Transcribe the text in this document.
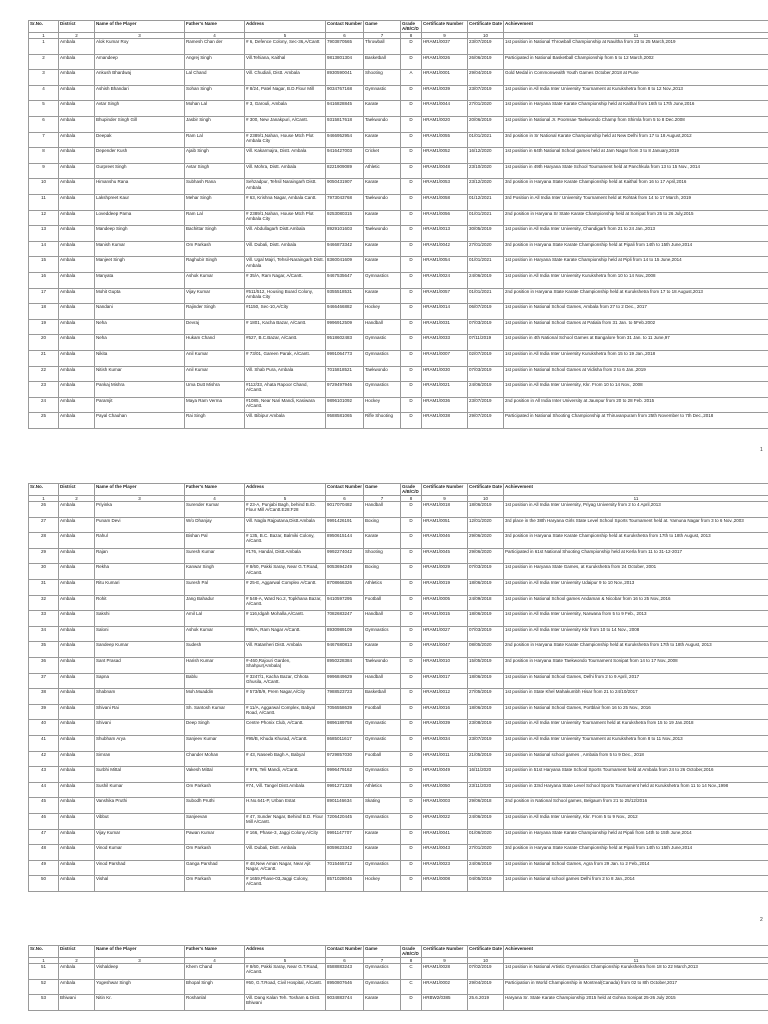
Sr.No.	District	Name of the Player	Father's Name	Address	Contact Number	Game	Grade A/B/C/D	Certificate Number	Certificate Date	Achievement
1	2	3	4	5	6	7	8	9	10	11
1	Ambala	Alok Kumar Roy	Ramesh Chan der	# 6, Defence Colony, Sec-36,A/Cantt	7903870565	Throwball	D	HRAM1/0037	23/07/2019	1st position in National Throwball Championship at Naultha from 23 to 25 March,2019
2	Ambala	Amandeep	Angrej Singh	Vill.Tehiana, Kaithal	9813801304	Basketball	D	HRAM1/0026	26/06/2019	Participated in National Basketball Championship from 5 to 12 March,2002
3	Ambala	Ankush Bhardwaj	Lal Chand	Vill. Chudiali, Distt. Ambala	8930590041	Shooting	A	HRAM1/0001	29/04/2019	Gold Medal in Commonwealth Youth Games October,2018 at Pune
4	Ambala	Ashish Bhandari	Sohan Singh	# 8/24, Patel Nagar, B.D.Flour Mill	9034767168	Gymnastic	D	HRAM1/0039	23/07/2019	1st position in All India Inter University Tournament at Kurukshetra from 8 to 12 Nov.,2013
5	Ambala	Avtar Singh	Mohan Lal	# 3, Garouli, Ambala	9416828845	Karate	D	HRAM1/0044	27/01/2020	1st position in Haryana State Karate Championship held at Kaithal from 16th to 17th June,2016
6	Ambala	Bhupinder Singh Gill	Jasbir Singh	# 300, New Janakpuri, A/Cantt.	9315817618	Taekwondo	D	HRAM1/0020	20/06/2019	1st position in National Jr. Poomsae Taekwondo Champ from Shimla from 5 to 8 Dec.2008
7	Ambala	Deepak	Ram Lal	# 2389/1,Nahan, House Mtch Plot Ambala City	9466952954	Karate	D	HRAM1/0055	01/01/2021	3rd position in Sr National Karate Championship held at New Delhi from 17 to 18 August,2012
8	Ambala	Depender Kush	Ajaib Singh	Vill. Kakarmajra, Distt. Ambala	9416427003	Cricket	D	HRAM1/0052	16/12/2020	1st position in 64th National School games held at Jam Nagar from 3 to 8 January,2019
9	Ambala	Gurpreet Singh	Avtar Singh	Vill. Mohra, Distt. Ambala	8221909089	Athletic	D	HRAM1/0048	23/10/2020	1st position in 49th Haryana State School Tournament held at Panchkula from 13 to 15 Nov., 2014
10	Ambala	Himanshu Rana	Subhash Rana	Sehzadpur, Tehsil Naraingarh Distt. Ambala	9050431907	Karate	D	HRAM1/0053	23/12/2020	3rd position in Haryana State Karate Championship held at Kaithal from 16 to 17 April,2016
11	Ambala	Lakshpreet Kaur	Mehar Singh	# 63, Krishna Nagar, Ambala Cantt.	7973043768	Taekwondo	D	HRAM1/0058	01/12/2021	3rd Position in All India Inter University Tournament held at Rohtak from 14 to 17 March, 2019
12	Ambala	Loveddeep Pama	Ram Lal	# 2389/1,Nahan, House Mtch Plot Ambala City	9253080315	Karate	D	HRAM1/0056	01/01/2021	2nd position in Haryana Sr State Karate Championship held at Sonipat from 25 to 26 July,2015
13	Ambala	Mandeep Singh	Bachittar Singh	Vill. Abdullagarh Distt.Ambala	8929101603	Taekwondo	D	HRAM1/0013	30/05/2019	1st position in All India Inter University, Chandigarh from 21 to 24 Jan.,2013
14	Ambala	Manish Kumar	Om Parkash	Vill. Dubali, Distt. Ambala	9466873342	Karate	D	HRAM1/0042	27/01/2020	3rd position in Haryana State Karate Championship held at Pipali from 14th to 15th June,2014
15	Ambala	Manjeet Singh	Raghubir Singh	Vill. Ugal Majri, Tehsil-Naraingarh Distt. Ambala	8360041609	Karate	D	HRAM1/0054	01/01/2021	1st position in Haryana State Karate Championship held at Pipli from 14 to 15 June,2014
16	Ambala	Manyata	Ashok Kumar	# 35/A, Ram Nagar, A/Cantt.	9467535647	Gymnastics	D	HRAM1/0024	24/06/2019	1st position in All India Inter University Kurukshetra from 10 to 14 Nov.,2008
17	Ambala	Mohit Gupta	Vijay Kumar	#511/512, Housing Board Colony, Ambala City	9355518531	Karate	D	HRAM1/0057	01/01/2021	2nd position in Haryana State Karate Championship held at Kurukshetra from 17 to 18 August,2013
18	Ambala	Nandani	Rajinder Singh	#1150, Sec-10,A/City	9466466882	Hockey	D	HRAM1/0014	06/07/2019	1st position in National School Games, Ambala from 27 to 2 Dec., 2017
19	Ambala	Neha	Devraj	# 1801, Kacha Bazar, A/Cantt.	9996912509	Handball	D	HRAM1/0031	07/03/2019	1st position in National School Games at Patiala from 31 Jan. to 5Feb.2002
20	Ambala	Neha	Hukam Chand	#527, B.C.Bazar, A/Cantt.	9518602483	Gymnastic	D	HRAM1/0033	07/11/2019	1st position in 4th National School Games at Bangalore from 31 Jan. to 11 June,97
21	Ambala	Nikita	Anil Kumar	# 73/01, Gareen Parak, A/Cantt.	9991064773	Gymnastics	D	HRAM1/0007	02/07/2019	1st position in All India Inter University Kurukshetra from 15 to 19 Jan.,2018
22	Ambala	Nitish Kumar	Anil Kumar	Vill. Shab Pura, Ambala	7015818521	Taekwondo	D	HRAM1/0030	07/03/2019	1st position in National School Games at Vidisha from 2 to 6 Jan.,2019
23	Ambala	Pankaj Mishra	Uma Dutt Mishra	#112/33, Ahata Rapoor Chand, A/Cantt.	9729497946	Gymnastics	D	HRAM1/0021	24/06/2019	1st position in All India Inter University, Kkr. From 10 to 14 Nov., 2008
24	Ambala	Paramjit	Maya Ram Verma	#1085, Near Nari Mandi, Kasiwara A/Cantt.	9896101092	Hockey	D	HRAM1/0036	23/07/2019	2nd position in All India Inter University at Jaunpur from 20 to 28 Feb. 2015
25	Ambala	Payal Chauhan	Rai Singh	Vill. Bibipur Ambala	9588581065	Rifle Shooting	D	HRAM1/0038	29/07/2019	Participated in National Shooting Championship at Thiruvanpuram from 25th November to 7th Dec.,2018
1
Sr.No.	District	Name of the Player	Father's Name	Address	Contact Number	Game	Grade A/B/C/D	Certificate Number	Certificate Date	Achievement
1	2	3	4	5	6	7	8	9	10	11
26	Ambala	Priyinka	Surender Kumar	# 23-A, Punjabi Bagh, behind B./D. Flour Mill A/Cantt.E28:F28	9017070482	Handball	D	HRAM1/0018	18/06/2019	1st position in All India Inter University, Priyag University from 2 to 4 April,2013
27	Ambala	Punam Devi	W/o Dhanjay	Vill. Nagla Rajputana,Distt.Ambala	9991426191	Boxing	D	HRAM1/0051	12/01/2020	3rd place in the 38th Haryana Girls State Level School Sports Tournament held at. Yamuna Nagar from 3 to 6 Nov.,2003
28	Ambala	Rahul	Bishan Pal	# 135, B.C. Bazar, Balmiki Colony, A/Cantt.	8950615144	Karate	D	HRAM1/0046	29/06/2020	3rd position in Haryana State Karate Championship held at Kurukshetra from 17th to 18th August, 2013
29	Ambala	Rajan	Suresh Kumar	#176, Handal, Distt.Ambala	9992274042	Shooting	D	HRAM1/0045	29/06/2020	Participated in 61st National Shooting Championship held at Kerla from 11 to 31-12-2017
30	Ambala	Rekha	Kanwar Singh	# 8/60, Pakki Saray, Near G.T.Road, A/Cantt.	9053694249	Boxing	D	HRAM1/0029	07/03/2019	1st position in Haryana State Games, at Kurukshetra from 24 October, 2001
31	Ambala	Ritu Kumari	Suresh Pal	# 25-E, Aggarwal Complex A/Cantt.	8708666326	Athletics	D	HRAM1/0019	18/06/2019	1st position in All India Inter University Udaipur 9 to 10 Nov.,2013
32	Ambala	Rohit	Jang Bahadur	# 548-A, Ward No.2, Topkhana Bazar, A/Cantt.	9410597295	Football	D	HRAM1/0005	24/09/2018	1st position in National School games Andaman & Nicobar from 16 to 25 Nov.,2016
33	Ambala	Sakshi	Amil Lal	# 116,Idgah Mohalla,A/Cantt.	7082683247	Handball	D	HRAM1/0015	18/06/2019	1st position in All India Inter University, Narwana from 5 to 9 Feb., 2013
34	Ambala	Saloni	Ashok Kumar	#95/A, Ram Nagar A/Cantt.	8930989109	Gymnastics	D	HRAM1/0027	07/03/2019	1st position in All India Inter University Kkr from 10 to 14 Nov., 2008
35	Ambala	Sandeep Kumar	Sudesh	Vill. Ratanheri Distt. Ambala	9467680813	Karate	D	HRAM1/0047	08/05/2020	2nd position in Haryana State Karate Championship held at Kurukshetra from 17th to 18th August, 2013
36	Ambala	Sant Prasad	Harish Kumar	#-460,Rajouri Garden, Shahpur(Ambala)	8950228384	Taekwondo	D	HRAM1/0010	15/05/2019	3rd position in Haryana State Taekwondo Tournament Sonipat from 14 to 17 Nov.,2008
37	Ambala	Sapna	Bablu	# 3247/1, Kacha Bazar, Chhota Ghusila, A/Cantt.	9996849629	Handball	D	HRAM1/0017	18/06/2019	1st position in National School Games, Delhi from 2 to 9 April, 2017
38	Ambala	Shabnam	Moh.Muaddin	# 573/B/9, Prem Nagar,A/City	7988523723	Basketball	D	HRAM1/0012	27/05/2019	1st position in State Khel Mahakumbh Hisar from 21 to 24/10/2017
39	Ambala	Shivani Rai	Sh. Santosh Kumar	# 11/A, Aggarwal Complex, Babyal Road, A/Cantt.	7056558639	Football	D	HRAM1/0016	18/06/2019	1st position in National School Games, Portblair from 16 to 25 Nov., 2016
40	Ambala	Shivani	Deep Singh	Centre Phonix Club, A/Cantt.	9896189758	Gymnastic	D	HRAM1/0039	23/08/2019	1st position in All India Inter University Tournament held at Kurukshetra from 15 to 19 Jan.2018
41	Ambala	Shubham Arya	Sanjeev Kumar	#95/B, Khuda Khurad, A/Cantt.	8685011617	Gymnastic	D	HRAM1/0034	23/07/2019	1st position in All India Inter University Tournament at Kurukshetra from 8 to 11 Nov.,2013
42	Ambala	Simran	Chander Mohan	# 43, Naseeb Bagh A, Babyal	9729857030	Football	D	HRAM1/0011	21/05/2019	1st position in National school games , Ambala from 5 to 9 Dec., 2018
43	Ambala	Surbhi Mittal	Vakesh Mittal	# 976, Teli Mandi, A/Cantt.	9996479162	Gymnastics	D	HRAM1/0049	16/11/2020	1st position in 51st Haryana State School Sports Tournament held at Ambala from 24 to 26 October,2016
44	Ambala	Sushil Kumar	Om Parkash	#74, Vill. Tangel Distt.Ambala	9991271328	Athletics	D	HRAM1/0050	23/11/2020	1st position in 33rd Haryana State Level School Sports Tournament held at Kurukshetra from 11 to 14 Nov.,1998
45	Ambala	Vanshika Pruthi	Subodh Pruthi	H.No.641-P, Urban Estat	8901146634	Skating	D	HRAM1/0003	29/06/2018	2nd position in National School games, Belgaum from 21 to 25/12/2016
46	Ambala	Vibbut	Sanjeevan	# 47, Sunder Nagar, Behind B.D. Flour Mill A/Cantt.	7206420445	Gymnastics	D	HRAM1/0022	24/06/2019	1st position in All India Inter University, Kkr. From 5 to 9 Nov., 2012
47	Ambala	Vijay Kumar	Pawan Kumar	# 166, Phase-3, Jaggi Colony,A/City	9991147707	Karate	D	HRAM1/0041	01/06/2020	1st position in Haryana State Karate Championship held at Pipali from 14th to 15th June,2014
48	Ambala	Vinod Kumar	Om Parkash	Vill. Dubali, Distt. Ambala	8059623342	Karate	D	HRAM1/0043	27/01/2020	3rd position in Haryana State Karate Championship held at Pipali from 14th to 15th June,2014
49	Ambala	Vinod Parshad	Ganga Parshad	# 48,New Aman Nagar, Near Ajit Nagar, A/Cantt.	7015465712	Gymnastics	D	HRAM1/0023	24/06/2019	1st position in National School Games, Agra from 29 Jan. to 2 Feb.,2014
50	Ambala	Vishal	Om Parkash	# 1659,Phase-03,Jaggi Colony, A/Cantt.	8571028045	Hockey	D	HRAM1/0008	04/05/2019	1st position in National school games Delhi from 2 to 8 Jan.,2014
2
Sr.No.	District	Name of the Player	Father's Name	Address	Contact Number	Game	Grade A/B/C/D	Certificate Number	Certificate Date	Achievement
1	2	3	4	5	6	7	8	9	10	11
51	Ambala	Vishaldeep	Khem Chand	# 8/60, Pakki Saray, Near G.T.Road, A/Cantt.	8588883243	Gymnastics	C	HRAM1/0028	07/02/2019	1st position in National Artistic Gymnastics Championship Kurukshetra from 18 to 22 March,2013
52	Ambala	Yogeshwar Singh	Bhopal Singh	#60, G.T.Road, Civil Hospital, A/Cantt.	8950807646	Gymnastics	C	HRAM1/0002	29/04/2019	Participation in World Championship in Montreal(Canada) from 02 to 8th October,2017
53	Bhiwani	Nitin Kr.	Roshanlal	Vill. Dang Kalan Teh. Tosham & Distt. Bhiwani	9034883744	Karate	D	HRBW2/0385	25.6.2019	Haryana Sr. State Karate Championship 2015 held at Gohna Sonipat 25-26 July 2015
